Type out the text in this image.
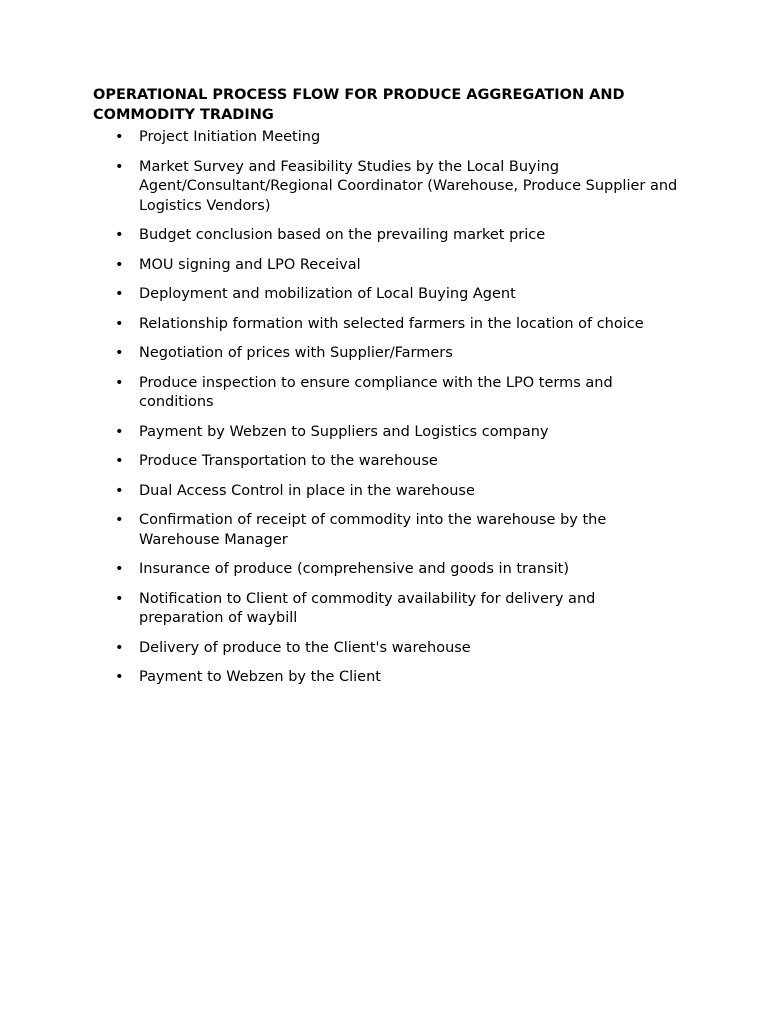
OPERATIONAL PROCESS FLOW FOR PRODUCE AGGREGATION AND COMMODITY TRADING
• Project Initiation Meeting
• Market Survey and Feasibility Studies by the Local Buying Agent/Consultant/Regional Coordinator (Warehouse, Produce Supplier and Logistics Vendors)
• Budget conclusion based on the prevailing market price
• MOU signing and LPO Receival
• Deployment and mobilization of Local Buying Agent
• Relationship formation with selected farmers in the location of choice
• Negotiation of prices with Supplier/Farmers
• Produce inspection to ensure compliance with the LPO terms and conditions
• Payment by Webzen to Suppliers and Logistics company
• Produce Transportation to the warehouse
• Dual Access Control in place in the warehouse
• Confirmation of receipt of commodity into the warehouse by the Warehouse Manager
• Insurance of produce (comprehensive and goods in transit)
• Notification to Client of commodity availability for delivery and preparation of waybill
• Delivery of produce to the Client's warehouse
• Payment to Webzen by the Client
